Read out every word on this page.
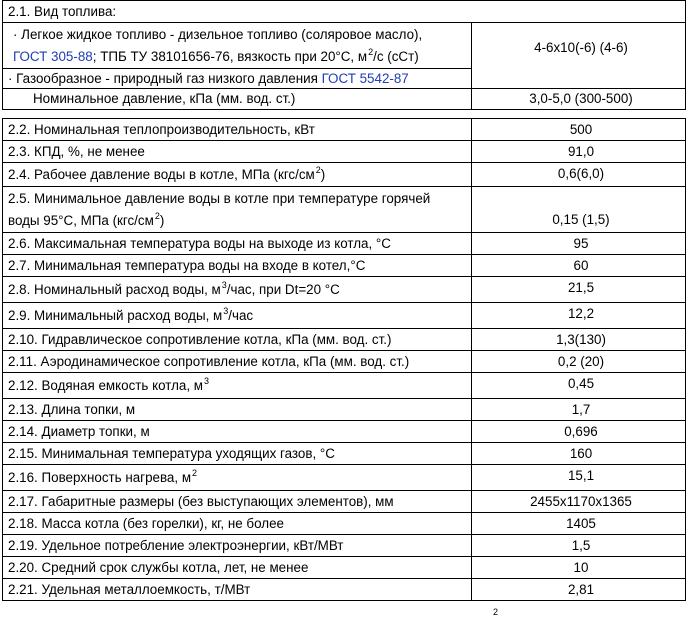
2.1. Вид топлива:

· Легкое жидкое топливо - дизельное топливо (соляровое масло),
ГОСТ 305-88; ТПБ ТУ 38101656-76, вязкость при 20°С, $м^2/с$ (сСт)
	4-6х10(-6) (4-6)
· Газообразное - природный газ низкого давления ГОСТ 5542-87

Номинальное давление, кПа (мм. вод. ст.)	3,0-5,0 (300-500)
2.2. Номинальная теплопроизводительность, кВт	500
2.3. КПД, %, не менее	91,0
2.4. Рабочее давление воды в котле, МПа $(кгс/см^2)$	0,6(6,0)

2.5. Минимальное давление воды в котле при температуре горячей
воды 95°С, МПа $(кгс/см^2)$	0,15 (1,5)
2.6. Максимальная температура воды на выходе из котла, °С	95
2.7. Минимальная температура воды на входе в котел,°С	60
2.8. Номинальный расход воды, $м^3$/час, при Dt=20 °С	21,5
2.9. Минимальный расход воды, $м^3$/час	12,2
2.10. Гидравлическое сопротивление котла, кПа (мм. вод. ст.)	1,3(130)
2.11. Аэродинамическое сопротивление котла, кПа (мм. вод. ст.)	0,2 (20)
2.12. Водяная емкость котла, $м^3$	0,45
2.13. Длина топки, м	1,7
2.14. Диаметр топки, м	0,696
2.15. Минимальная температура уходящих газов, °С	160
2.16. Поверхность нагрева, $м^2$	15,1
2.17. Габаритные размеры (без выступающих элементов), мм	2455х1170х1365
2.18. Масса котла (без горелки), кг, не более	1405
2.19. Удельное потребление электроэнергии, кВт/МВт	1,5
2.20. Средний срок службы котла, лет, не менее	10
2.21. Удельная металлоемкость, т/МВт	2,81
2
